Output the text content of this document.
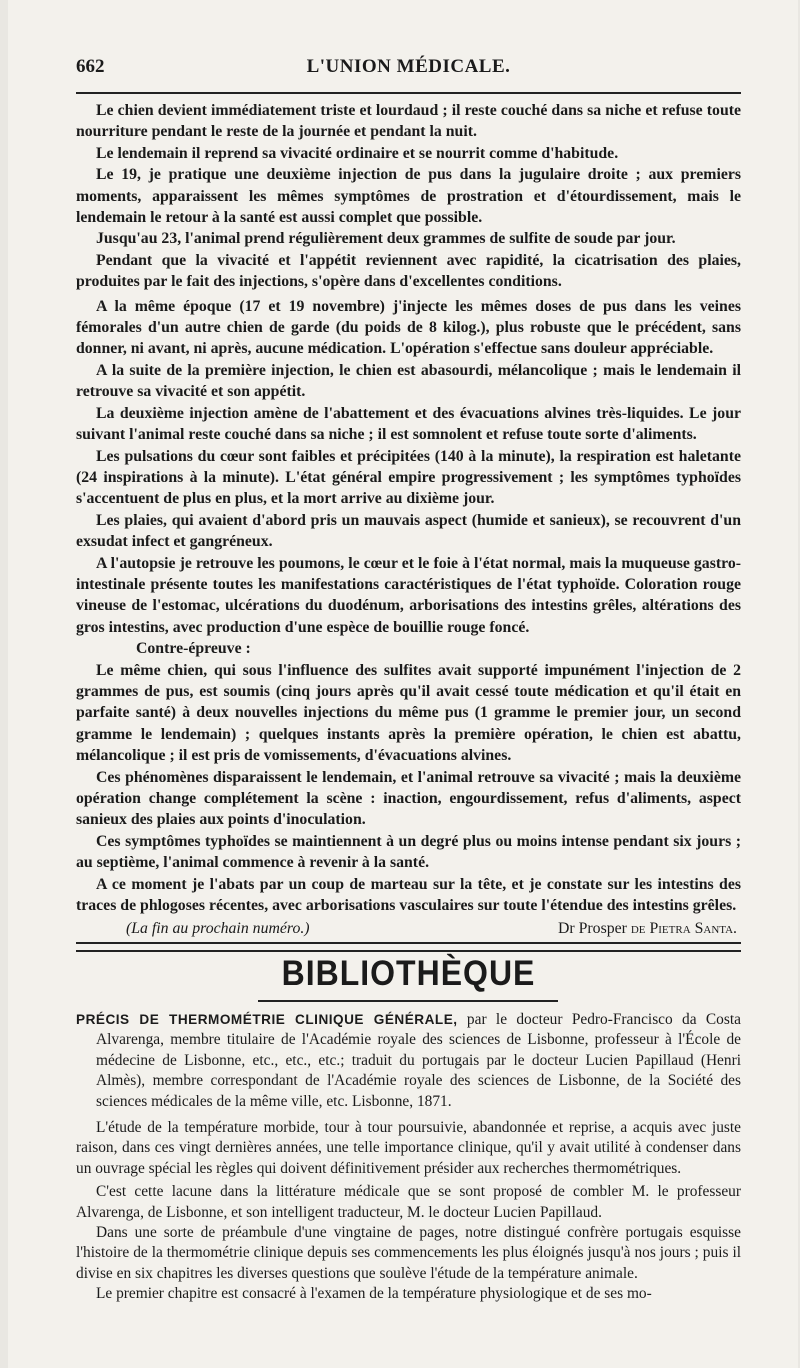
662	L'UNION MÉDICALE.

Le chien devient immédiatement triste et lourdaud ; il reste couché dans sa niche et refuse toute nourriture pendant le reste de la journée et pendant la nuit.

Le lendemain il reprend sa vivacité ordinaire et se nourrit comme d'habitude.

Le 19, je pratique une deuxième injection de pus dans la jugulaire droite ; aux premiers moments, apparaissent les mêmes symptômes de prostration et d'étourdissement, mais le lendemain le retour à la santé est aussi complet que possible.

Jusqu'au 23, l'animal prend régulièrement deux grammes de sulfite de soude par jour.

Pendant que la vivacité et l'appétit reviennent avec rapidité, la cicatrisation des plaies, produites par le fait des injections, s'opère dans d'excellentes conditions.

A la même époque (17 et 19 novembre) j'injecte les mêmes doses de pus dans les veines fémorales d'un autre chien de garde (du poids de 8 kilog.), plus robuste que le précédent, sans donner, ni avant, ni après, aucune médication. L'opération s'effectue sans douleur appréciable.

A la suite de la première injection, le chien est abasourdi, mélancolique ; mais le lendemain il retrouve sa vivacité et son appétit.

La deuxième injection amène de l'abattement et des évacuations alvines très-liquides. Le jour suivant l'animal reste couché dans sa niche ; il est somnolent et refuse toute sorte d'aliments.

Les pulsations du cœur sont faibles et précipitées (140 à la minute), la respiration est haletante (24 inspirations à la minute). L'état général empire progressivement ; les symptômes typhoïdes s'accentuent de plus en plus, et la mort arrive au dixième jour.

Les plaies, qui avaient d'abord pris un mauvais aspect (humide et sanieux), se recouvrent d'un exsudat infect et gangréneux.

A l'autopsie je retrouve les poumons, le cœur et le foie à l'état normal, mais la muqueuse gastro-intestinale présente toutes les manifestations caractéristiques de l'état typhoïde. Coloration rouge vineuse de l'estomac, ulcérations du duodénum, arborisations des intestins grêles, altérations des gros intestins, avec production d'une espèce de bouillie rouge foncé.

Contre-épreuve :

Le même chien, qui sous l'influence des sulfites avait supporté impunément l'injection de 2 grammes de pus, est soumis (cinq jours après qu'il avait cessé toute médication et qu'il était en parfaite santé) à deux nouvelles injections du même pus (1 gramme le premier jour, un second gramme le lendemain) ; quelques instants après la première opération, le chien est abattu, mélancolique ; il est pris de vomissements, d'évacuations alvines.

Ces phénomènes disparaissent le lendemain, et l'animal retrouve sa vivacité ; mais la deuxième opération change complétement la scène : inaction, engourdissement, refus d'aliments, aspect sanieux des plaies aux points d'inoculation.

Ces symptômes typhoïdes se maintiennent à un degré plus ou moins intense pendant six jours ; au septième, l'animal commence à revenir à la santé.

A ce moment je l'abats par un coup de marteau sur la tête, et je constate sur les intestins des traces de phlogoses récentes, avec arborisations vasculaires sur toute l'étendue des intestins grêles.

(La fin au prochain numéro.)	Dr Prosper de Pietra Santa.
BIBLIOTHÈQUE

PRÉCIS DE THERMOMÉTRIE CLINIQUE GÉNÉRALE, par le docteur Pedro-Francisco da Costa Alvarenga, membre titulaire de l'Académie royale des sciences de Lisbonne, professeur à l'École de médecine de Lisbonne, etc., etc., etc.; traduit du portugais par le docteur Lucien Papillaud (Henri Almès), membre correspondant de l'Académie royale des sciences de Lisbonne, de la Société des sciences médicales de la même ville, etc. Lisbonne, 1871.

L'étude de la température morbide, tour à tour poursuivie, abandonnée et reprise, a acquis avec juste raison, dans ces vingt dernières années, une telle importance clinique, qu'il y avait utilité à condenser dans un ouvrage spécial les règles qui doivent définitivement présider aux recherches thermométriques.

C'est cette lacune dans la littérature médicale que se sont proposé de combler M. le professeur Alvarenga, de Lisbonne, et son intelligent traducteur, M. le docteur Lucien Papillaud.

Dans une sorte de préambule d'une vingtaine de pages, notre distingué confrère portugais esquisse l'histoire de la thermométrie clinique depuis ses commencements les plus éloignés jusqu'à nos jours ; puis il divise en six chapitres les diverses questions que soulève l'étude de la température animale.

Le premier chapitre est consacré à l'examen de la température physiologique et de ses mo-
